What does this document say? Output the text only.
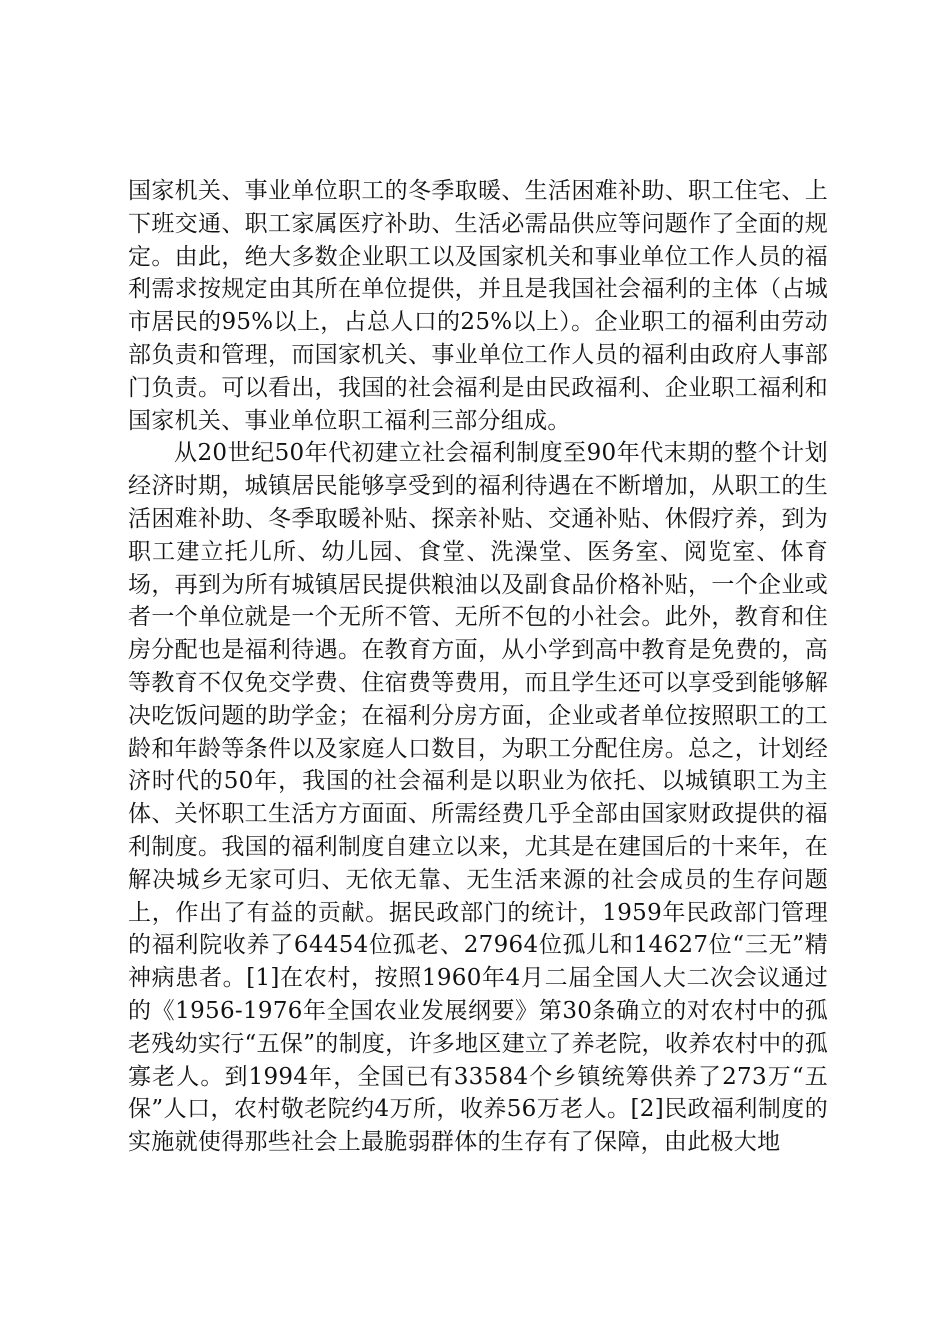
国家机关、事业单位职工的冬季取暖、生活困难补助、职工住宅、上下班交通、职工家属医疗补助、生活必需品供应等问题作了全面的规定。由此，绝大多数企业职工以及国家机关和事业单位工作人员的福利需求按规定由其所在单位提供，并且是我国社会福利的主体（占城市居民的95%以上，占总人口的25%以上）。企业职工的福利由劳动部负责和管理，而国家机关、事业单位工作人员的福利由政府人事部门负责。可以看出，我国的社会福利是由民政福利、企业职工福利和国家机关、事业单位职工福利三部分组成。

从20世纪50年代初建立社会福利制度至90年代末期的整个计划经济时期，城镇居民能够享受到的福利待遇在不断增加，从职工的生活困难补助、冬季取暖补贴、探亲补贴、交通补贴、休假疗养，到为职工建立托儿所、幼儿园、食堂、洗澡堂、医务室、阅览室、体育场，再到为所有城镇居民提供粮油以及副食品价格补贴，一个企业或者一个单位就是一个无所不管、无所不包的小社会。此外，教育和住房分配也是福利待遇。在教育方面，从小学到高中教育是免费的，高等教育不仅免交学费、住宿费等费用，而且学生还可以享受到能够解决吃饭问题的助学金；在福利分房方面，企业或者单位按照职工的工龄和年龄等条件以及家庭人口数目，为职工分配住房。总之，计划经济时代的50年，我国的社会福利是以职业为依托、以城镇职工为主体、关怀职工生活方方面面、所需经费几乎全部由国家财政提供的福利制度。我国的福利制度自建立以来，尤其是在建国后的十来年，在解决城乡无家可归、无依无靠、无生活来源的社会成员的生存问题上，作出了有益的贡献。据民政部门的统计，1959年民政部门管理的福利院收养了64454位孤老、27964位孤儿和14627位“三无”精神病患者。[1]在农村，按照1960年4月二届全国人大二次会议通过的《1956-1976年全国农业发展纲要》第30条确立的对农村中的孤老残幼实行“五保”的制度，许多地区建立了养老院，收养农村中的孤寡老人。到1994年，全国已有33584个乡镇统筹供养了273万“五保”人口，农村敬老院约4万所，收养56万老人。[2]民政福利制度的实施就使得那些社会上最脆弱群体的生存有了保障，由此极大地
